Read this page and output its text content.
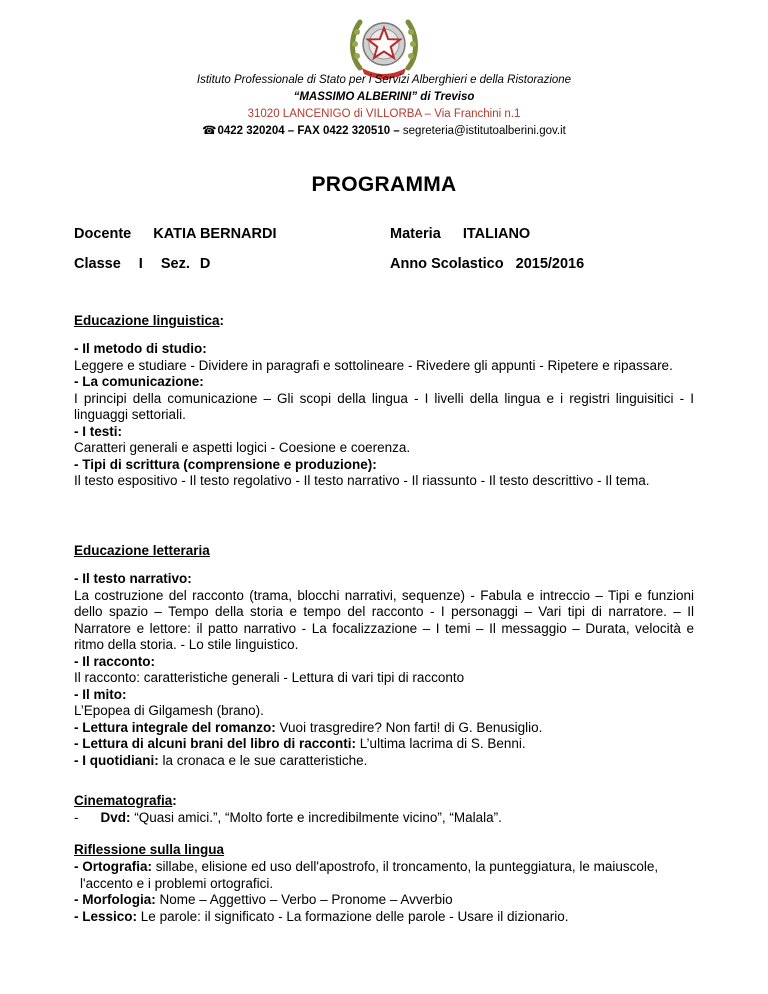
Istituto Professionale di Stato per i Servizi Alberghieri e della Ristorazione
“MASSIMO ALBERINI” di Treviso
31020 LANCENIGO di VILLORBA – Via Franchini n.1
☎0422 320204 – FAX 0422 320510 – segreteria@istitutoalberini.gov.it
PROGRAMMA
Docente KATIA BERNARDI	Materia ITALIANO
Classe I Sez. D	Anno Scolastico 2015/2016
Educazione linguistica:

- Il metodo di studio:

Leggere e studiare - Dividere in paragrafi e sottolineare - Rivedere gli appunti - Ripetere e ripassare.

- La comunicazione:

I principi della comunicazione – Gli scopi della lingua - I livelli della lingua e i registri linguisitici - I linguaggi settoriali.

- I testi:

Caratteri generali e aspetti logici - Coesione e coerenza.

- Tipi di scrittura (comprensione e produzione):

Il testo espositivo - Il testo regolativo - Il testo narrativo - Il riassunto - Il testo descrittivo - Il tema.

Educazione letteraria

- Il testo narrativo:

La costruzione del racconto (trama, blocchi narrativi, sequenze) - Fabula e intreccio – Tipi e funzioni dello spazio – Tempo della storia e tempo del racconto - I personaggi – Vari tipi di narratore. – Il Narratore e lettore: il patto narrativo - La focalizzazione – I temi – Il messaggio – Durata, velocità e ritmo della storia. - Lo stile linguistico.

- Il racconto:

Il racconto: caratteristiche generali - Lettura di vari tipi di racconto

- Il mito:

L’Epopea di Gilgamesh (brano).

- Lettura integrale del romanzo: Vuoi trasgredire? Non farti! di G. Benusiglio.

- Lettura di alcuni brani del libro di racconti: L’ultima lacrima di S. Benni.

- I quotidiani: la cronaca e le sue caratteristiche.

Cinematografia:

- Dvd: “Quasi amici.”, “Molto forte e incredibilmente vicino”, “Malala”.

Riflessione sulla lingua

- Ortografia: sillabe, elisione ed uso dell'apostrofo, il troncamento, la punteggiatura, le maiuscole,

l'accento e i problemi ortografici.

- Morfologia: Nome – Aggettivo – Verbo – Pronome – Avverbio

- Lessico: Le parole: il significato - La formazione delle parole - Usare il dizionario.
